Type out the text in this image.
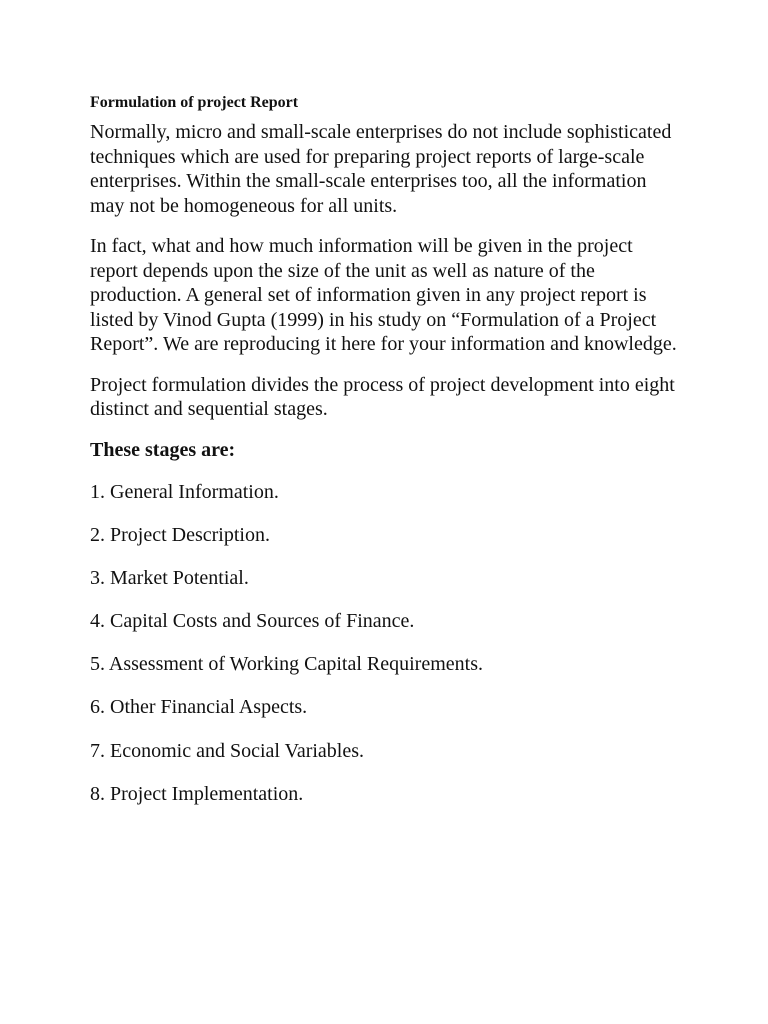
Formulation of project Report

Normally, micro and small-scale enterprises do not include sophisticated techniques which are used for preparing project reports of large-scale enterprises. Within the small-scale enterprises too, all the information may not be homogeneous for all units.

In fact, what and how much information will be given in the project report depends upon the size of the unit as well as nature of the production. A general set of information given in any project report is listed by Vinod Gupta (1999) in his study on “Formulation of a Project Report”. We are reproducing it here for your information and knowledge.

Project formulation divides the process of project development into eight distinct and sequential stages.

These stages are:
1. General Information.
2. Project Description.
3. Market Potential.
4. Capital Costs and Sources of Finance.
5. Assessment of Working Capital Requirements.
6. Other Financial Aspects.
7. Economic and Social Variables.
8. Project Implementation.
